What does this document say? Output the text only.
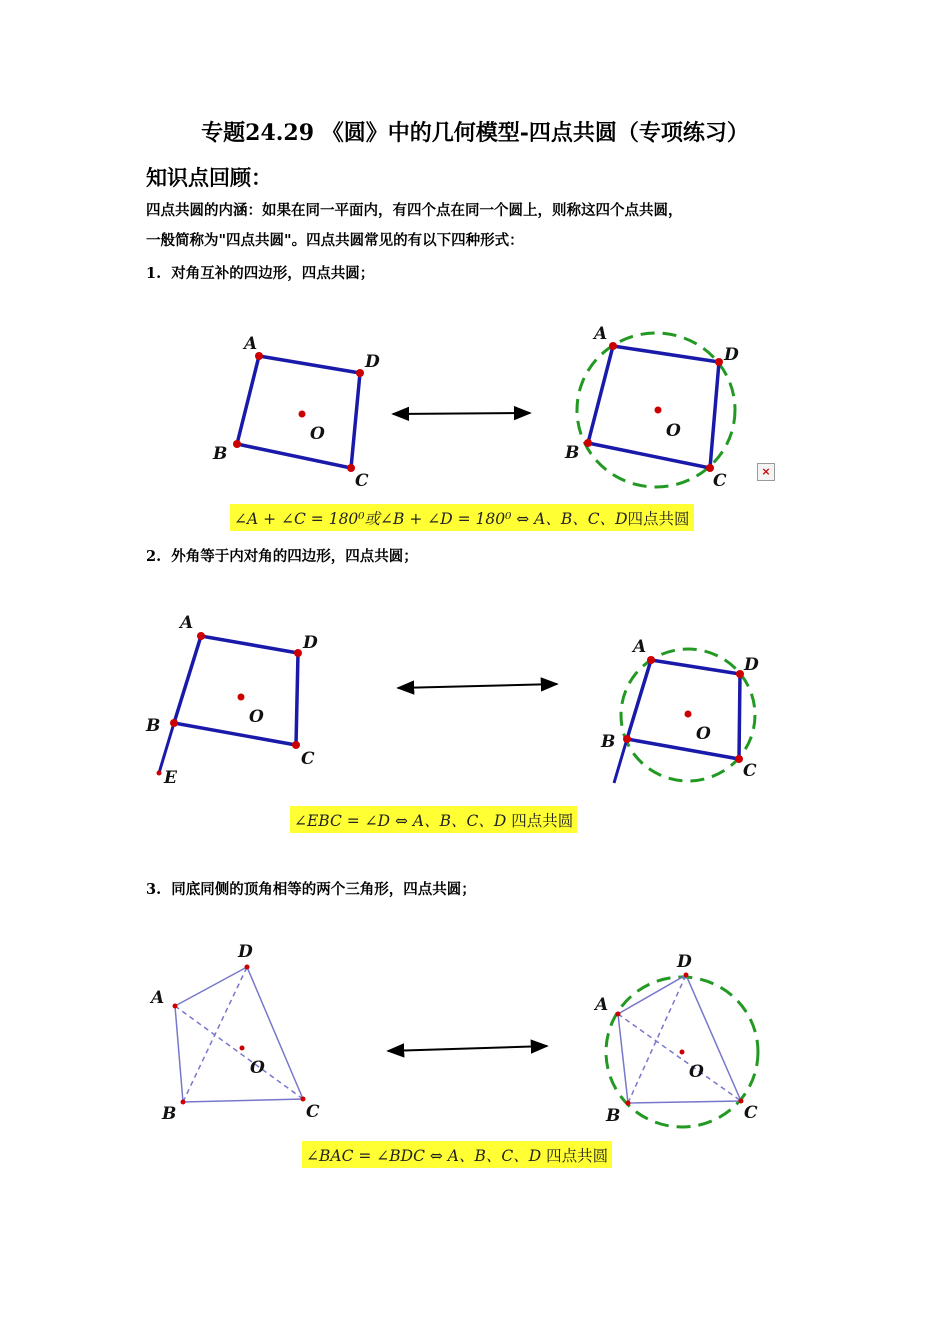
专题24.29 《圆》中的几何模型-四点共圆（专项练习）
知识点回顾：
四点共圆的内涵：如果在同一平面内，有四个点在同一个圆上，则称这四个点共圆，
一般简称为"四点共圆"。四点共圆常见的有以下四种形式：
1. 对角互补的四边形，四点共圆；
2. 外角等于内对角的四边形，四点共圆；
3. 同底同侧的顶角相等的两个三角形，四点共圆；
∠A + ∠C = 180⁰或∠B + ∠D = 180⁰ ⇔ A、B、C、D四点共圆
∠EBC = ∠D ⇔ A、B、C、D 四点共圆
∠BAC = ∠BDC ⇔ A、B、C、D 四点共圆
×
A
D
C
B
O
A
D
C
B
O
A
D
C
B
E
O
A
D
C
B	O
A
D
C
B
O
A
D
C
B
O
